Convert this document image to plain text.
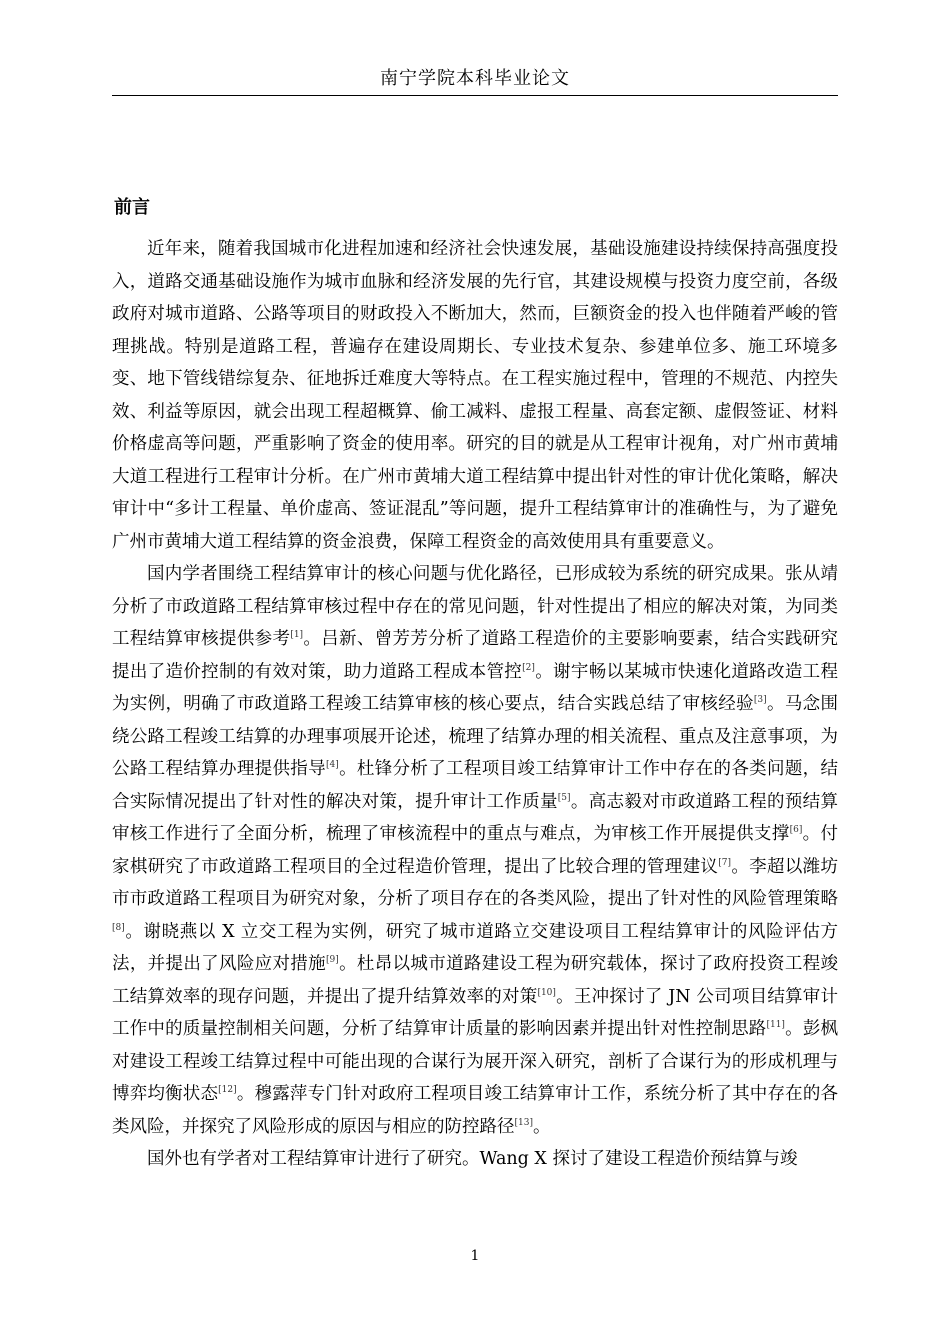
南宁学院本科毕业论文
前言

近年来，随着我国城市化进程加速和经济社会快速发展，基础设施建设持续保持高强度投入，道路交通基础设施作为城市血脉和经济发展的先行官，其建设规模与投资力度空前，各级政府对城市道路、公路等项目的财政投入不断加大，然而，巨额资金的投入也伴随着严峻的管理挑战。特别是道路工程，普遍存在建设周期长、专业技术复杂、参建单位多、施工环境多变、地下管线错综复杂、征地拆迁难度大等特点。在工程实施过程中，管理的不规范、内控失效、利益等原因，就会出现工程超概算、偷工减料、虚报工程量、高套定额、虚假签证、材料价格虚高等问题，严重影响了资金的使用率。研究的目的就是从工程审计视角，对广州市黄埔大道工程进行工程审计分析。在广州市黄埔大道工程结算中提出针对性的审计优化策略，解决审计中“多计工程量、单价虚高、签证混乱”等问题，提升工程结算审计的准确性与，为了避免广州市黄埔大道工程结算的资金浪费，保障工程资金的高效使用具有重要意义。

国内学者围绕工程结算审计的核心问题与优化路径，已形成较为系统的研究成果。张从靖分析了市政道路工程结算审核过程中存在的常见问题，针对性提出了相应的解决对策，为同类工程结算审核提供参考[1]。吕新、曾芳芳分析了道路工程造价的主要影响要素，结合实践研究提出了造价控制的有效对策，助力道路工程成本管控[2]。谢宇畅以某城市快速化道路改造工程为实例，明确了市政道路工程竣工结算审核的核心要点，结合实践总结了审核经验[3]。马念围绕公路工程竣工结算的办理事项展开论述，梳理了结算办理的相关流程、重点及注意事项，为公路工程结算办理提供指导[4]。杜锋分析了工程项目竣工结算审计工作中存在的各类问题，结合实际情况提出了针对性的解决对策，提升审计工作质量[5]。高志毅对市政道路工程的预结算审核工作进行了全面分析，梳理了审核流程中的重点与难点，为审核工作开展提供支撑[6]。付家棋研究了市政道路工程项目的全过程造价管理，提出了比较合理的管理建议[7]。李超以潍坊市市政道路工程项目为研究对象，分析了项目存在的各类风险，提出了针对性的风险管理策略[8]。谢晓燕以 X 立交工程为实例，研究了城市道路立交建设项目工程结算审计的风险评估方法，并提出了风险应对措施[9]。杜昂以城市道路建设工程为研究载体，探讨了政府投资工程竣工结算效率的现存问题，并提出了提升结算效率的对策[10]。王冲探讨了 JN 公司项目结算审计工作中的质量控制相关问题，分析了结算审计质量的影响因素并提出针对性控制思路[11]。彭枫对建设工程竣工结算过程中可能出现的合谋行为展开深入研究，剖析了合谋行为的形成机理与博弈均衡状态[12]。穆露萍专门针对政府工程项目竣工结算审计工作，系统分析了其中存在的各类风险，并探究了风险形成的原因与相应的防控路径[13]。

国外也有学者对工程结算审计进行了研究。Wang X 探讨了建设工程造价预结算与竣

1
